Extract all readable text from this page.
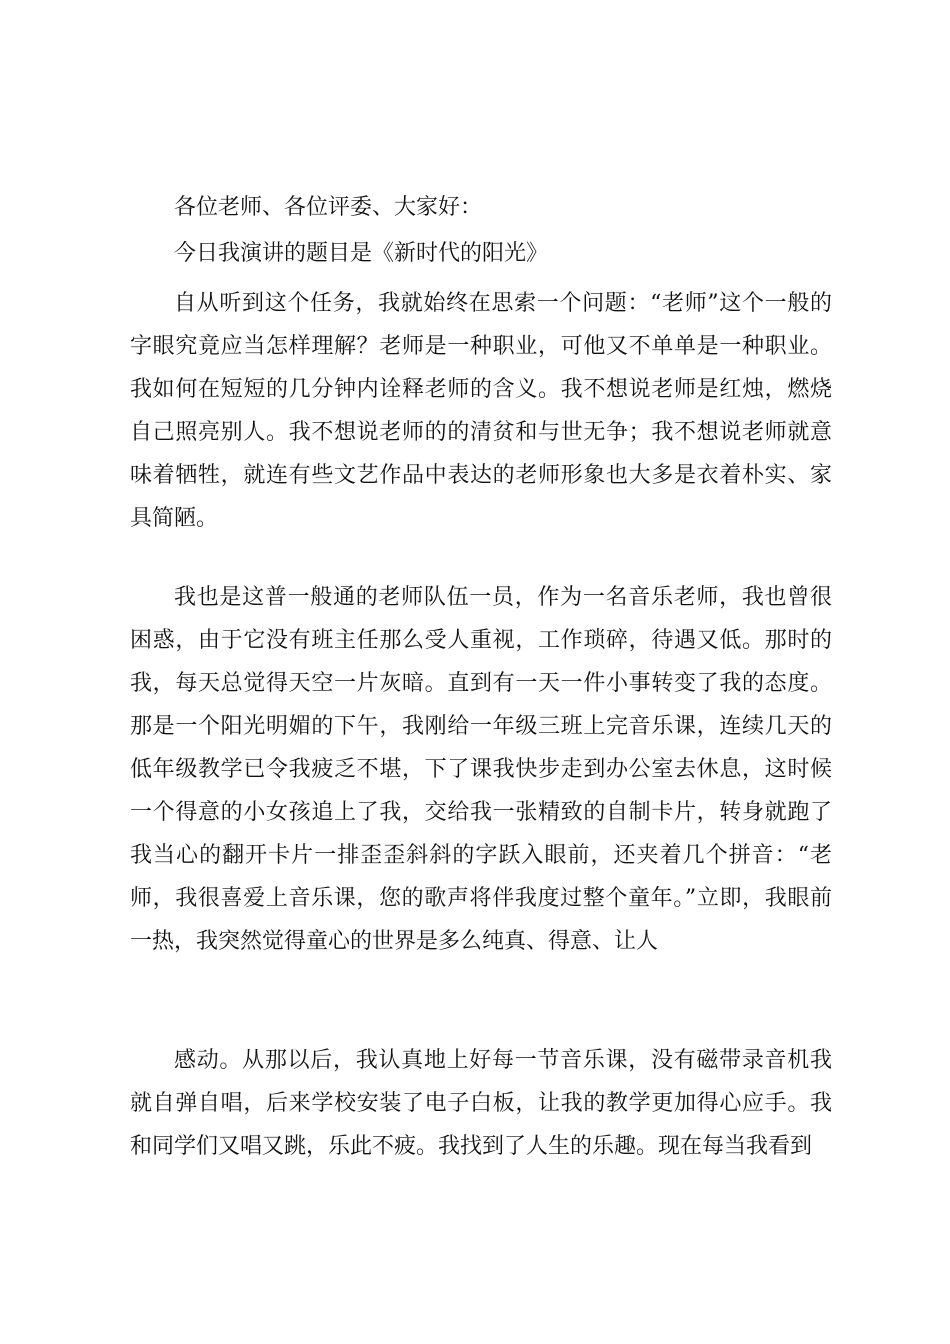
各位老师、各位评委、大家好：

今日我演讲的题目是《新时代的阳光》

自从听到这个任务，我就始终在思索一个问题：“老师”这个一般的字眼究竟应当怎样理解？老师是一种职业，可他又不单单是一种职业。我如何在短短的几分钟内诠释老师的含义。我不想说老师是红烛，燃烧自己照亮别人。我不想说老师的的清贫和与世无争；我不想说老师就意味着牺牲，就连有些文艺作品中表达的老师形象也大多是衣着朴实、家具简陋。

我也是这普一般通的老师队伍一员，作为一名音乐老师，我也曾很困惑，由于它没有班主任那么受人重视，工作琐碎，待遇又低。那时的我，每天总觉得天空一片灰暗。直到有一天一件小事转变了我的态度。那是一个阳光明媚的下午，我刚给一年级三班上完音乐课，连续几天的低年级教学已令我疲乏不堪，下了课我快步走到办公室去休息，这时候一个得意的小女孩追上了我，交给我一张精致的自制卡片，转身就跑了我当心的翻开卡片一排歪歪斜斜的字跃入眼前，还夹着几个拼音：“老师，我很喜爱上音乐课，您的歌声将伴我度过整个童年。”立即，我眼前一热，我突然觉得童心的世界是多么纯真、得意、让人

感动。从那以后，我认真地上好每一节音乐课，没有磁带录音机我就自弹自唱，后来学校安装了电子白板，让我的教学更加得心应手。我和同学们又唱又跳，乐此不疲。我找到了人生的乐趣。现在每当我看到
